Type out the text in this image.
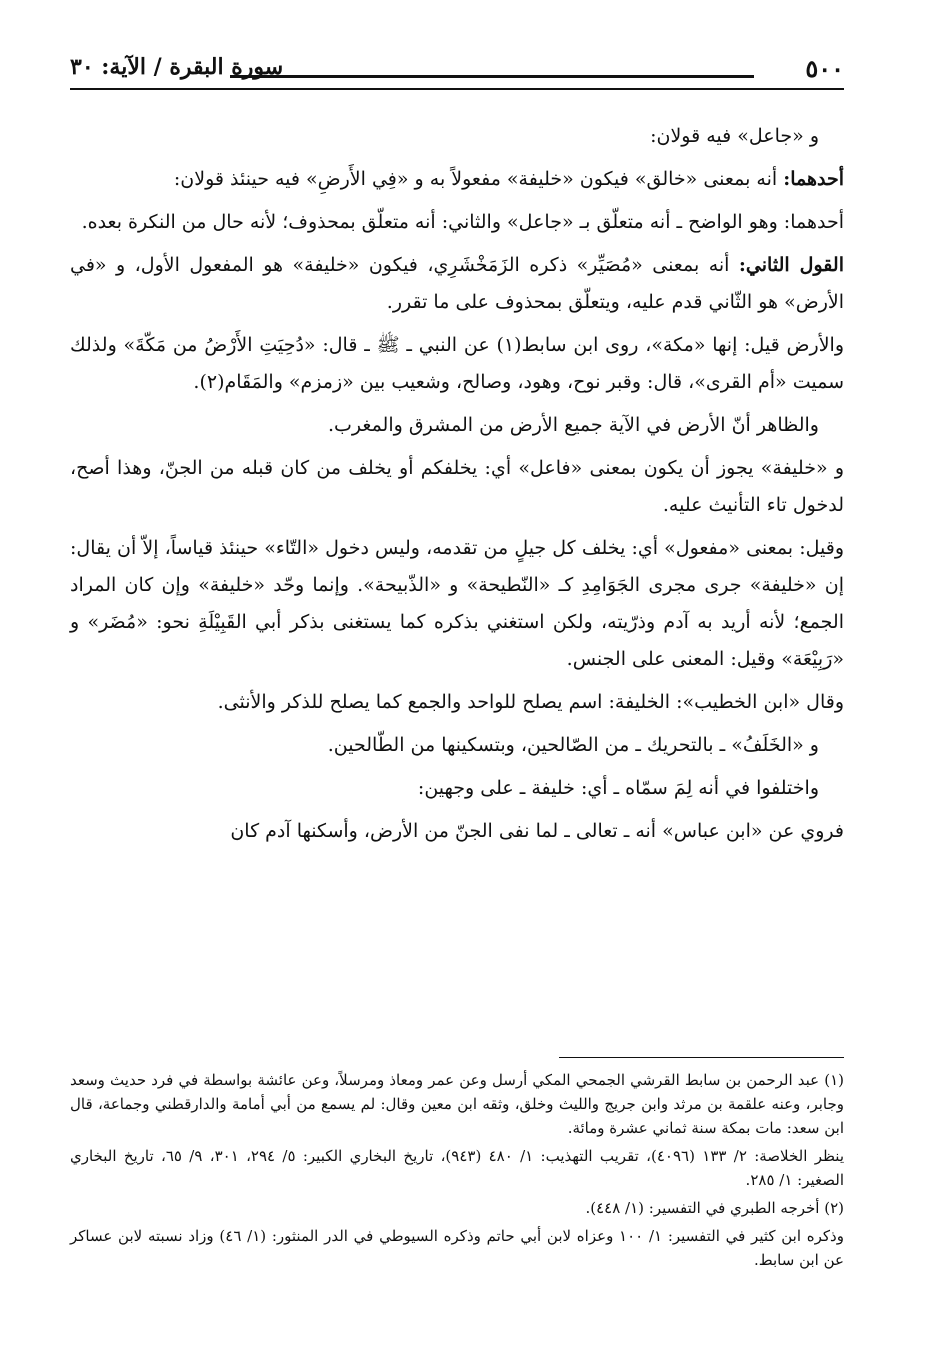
٥٠٠
سورة البقرة / الآية: ٣٠

و «جاعل» فيه قولان:

أحدهما: أنه بمعنى «خالق» فيكون «خليفة» مفعولاً به و «فِي الأَرضِ» فيه حينئذ قولان:

أحدهما: وهو الواضح ـ أنه متعلّق بـ «جاعل» والثاني: أنه متعلّق بمحذوف؛ لأنه حال من النكرة بعده.

القول الثاني: أنه بمعنى «مُصَيِّر» ذكره الزَمَخْشَرِي، فيكون «خليفة» هو المفعول الأول، و «في الأرض» هو الثّاني قدم عليه، ويتعلّق بمحذوف على ما تقرر.

والأرض قيل: إنها «مكة»، روى ابن سابط(١) عن النبي ـ ﷺ ـ قال: «دُحِيَتِ الأَرْضُ من مَكّةَ» ولذلك سميت «أم القرى»، قال: وقبر نوح، وهود، وصالح، وشعيب بين «زمزم» والمَقَام(٢).

والظاهر أنّ الأرض في الآية جميع الأرض من المشرق والمغرب.

و «خليفة» يجوز أن يكون بمعنى «فاعل» أي: يخلفكم أو يخلف من كان قبله من الجنّ، وهذا أصح، لدخول تاء التأنيث عليه.

وقيل: بمعنى «مفعول» أي: يخلف كل جيلٍ من تقدمه، وليس دخول «التّاء» حينئذ قياساً، إلاّ أن يقال: إن «خليفة» جرى مجرى الجَوَامِدِ كـ «النّطيحة» و «الذّبيحة». وإنما وحّد «خليفة» وإن كان المراد الجمع؛ لأنه أريد به آدم وذرّيته، ولكن استغني بذكره كما يستغنى بذكر أبي القَبِيْلَةِ نحو: «مُضَر» و «رَبِيْعَة» وقيل: المعنى على الجنس.

وقال «ابن الخطيب»: الخليفة: اسم يصلح للواحد والجمع كما يصلح للذكر والأنثى.

و «الخَلَفُ» ـ بالتحريك ـ من الصّالحين، وبتسكينها من الطّالحين.

واختلفوا في أنه لِمَ سمّاه ـ أي: خليفة ـ على وجهين:

فروي عن «ابن عباس» أنه ـ تعالى ـ لما نفى الجنّ من الأرض، وأسكنها آدم كان

(١) عبد الرحمن بن سابط القرشي الجمحي المكي أرسل وعن عمر ومعاذ ومرسلاً، وعن عائشة بواسطة في فرد حديث وسعد وجابر، وعنه علقمة بن مرثد وابن جريج والليث وخلق، وثقه ابن معين وقال: لم يسمع من أبي أمامة والدارقطني وجماعة، قال ابن سعد: مات بمكة سنة ثماني عشرة ومائة.

ينظر الخلاصة: ٢/ ١٣٣ (٤٠٩٦)، تقريب التهذيب: ١/ ٤٨٠ (٩٤٣)، تاريخ البخاري الكبير: ٥/ ٢٩٤، ٣٠١، ٩/ ٦٥، تاريخ البخاري الصغير: ١/ ٢٨٥.

(٢) أخرجه الطبري في التفسير: (١/ ٤٤٨).

وذكره ابن كثير في التفسير: ١/ ١٠٠ وعزاه لابن أبي حاتم وذكره السيوطي في الدر المنثور: (١/ ٤٦) وزاد نسبته لابن عساكر عن ابن سابط.
